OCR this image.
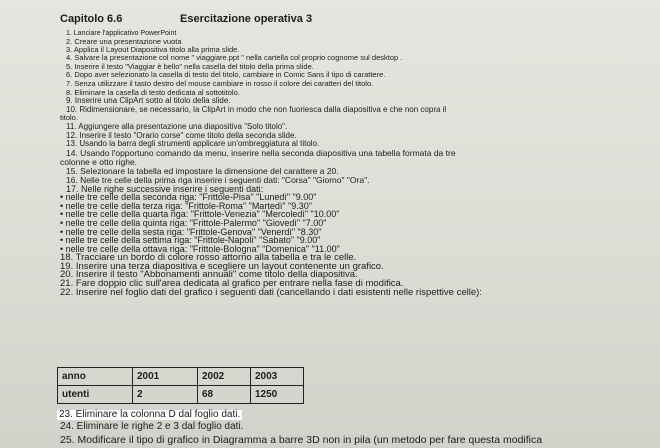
Capitolo 6.6	Esercitazione operativa 3
1. Lanciare l'applicativo PowerPoint
2. Creare una presentazione vuota
3. Applica il Layout Diapositiva titolo alla prima slide.
4. Salvare la presentazione col nome " viaggiare.ppt " nella cartella col proprio cognome sul desktop .
5. Inserire il testo "Viaggiar è bello" nella casella del titolo della prima slide.
6. Dopo aver selezionato la casella di testo del titolo, cambiare in Comic Sans il tipo di carattere.
7. Senza utilizzare il tasto destro del mouse cambiare in rosso il colore dei caratteri del titolo.
8. Eliminare la casella di testo dedicata al sottotitolo.
9. Inserire una ClipArt sotto al titolo della slide.
10. Ridimensionare, se necessario, la ClipArt in modo che non fuoriesca dalla diapositiva e che non copra il
titolo.
11. Aggiungere alla presentazione una diapositiva "Solo titolo".
12. Inserire il testo "Orario corse" come titolo della seconda slide.
13. Usando la barra degli strumenti applicare un'ombreggiatura al titolo.
14. Usando l'opportuno comando da menu, inserire nella seconda diapositiva una tabella formata da tre
colonne e otto righe.
15. Selezionare la tabella ed impostare la dimensione del carattere a 20.
16. Nelle tre celle della prima riga inserire i seguenti dati: "Corsa" "Giorno" "Ora".
17. Nelle righe successive inserire i seguenti dati:
• nelle tre celle della seconda riga: "Frittole-Pisa" "Lunedì" "9.00"
• nelle tre celle della terza riga: "Frittole-Roma" "Martedì" "9.30"
• nelle tre celle della quarta riga: "Frittole-Venezia" "Mercoledì" "10.00"
• nelle tre celle della quinta riga: "Frittole-Palermo" "Giovedì" "7.00"
• nelle tre celle della sesta riga: "Frittole-Genova" "Venerdì" "8.30"
• nelle tre celle della settima riga: "Frittole-Napoli" "Sabato" "9.00"
• nelle tre celle della ottava riga: "Frittole-Bologna" "Domenica" "11.00"
18. Tracciare un bordo di colore rosso attorno alla tabella e tra le celle.
19. Inserire una terza diapositiva e scegliere un layout contenente un grafico.
20. Inserire il testo "Abbonamenti annuali" come titolo della diapositiva.
21. Fare doppio clic sull'area dedicata al grafico per entrare nella fase di modifica.
22. Inserire nel foglio dati del grafico i seguenti dati (cancellando i dati esistenti nelle rispettive celle):
anno	2001	2002	2003
utenti	2	68	1250
23. Eliminare la colonna D dal foglio dati.
24. Eliminare le righe 2 e 3 dal foglio dati.
25. Modificare il tipo di grafico in Diagramma a barre 3D non in pila (un metodo per fare questa modifica
